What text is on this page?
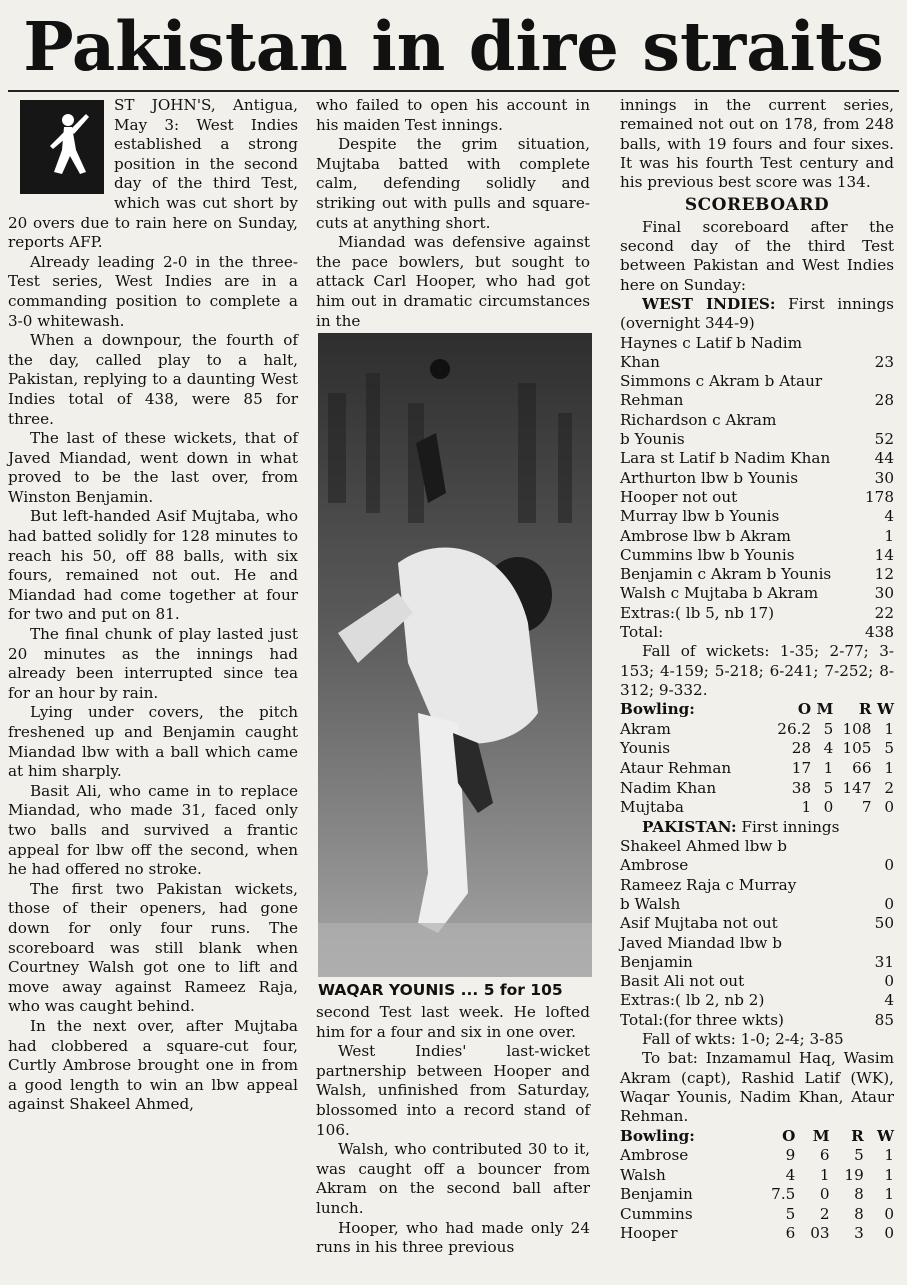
Pakistan in dire straits

ST JOHN'S, Antigua, May 3: West Indies established a strong position in the second day of the third Test, which was cut short by 20 overs due to rain here on Sunday, reports AFP.

Already leading 2-0 in the three-Test series, West Indies are in a commanding position to complete a 3-0 whitewash.

When a downpour, the fourth of the day, called play to a halt, Pakistan, replying to a daunting West Indies total of 438, were 85 for three.

The last of these wickets, that of Javed Miandad, went down in what proved to be the last over, from Winston Benjamin.

But left-handed Asif Mujtaba, who had batted solidly for 128 minutes to reach his 50, off 88 balls, with six fours, remained not out. He and Miandad had come together at four for two and put on 81.

The final chunk of play lasted just 20 minutes as the innings had already been interrupted since tea for an hour by rain.

Lying under covers, the pitch freshened up and Benjamin caught Miandad lbw with a ball which came at him sharply.

Basit Ali, who came in to replace Miandad, who made 31, faced only two balls and survived a frantic appeal for lbw off the second, when he had offered no stroke.

The first two Pakistan wickets, those of their openers, had gone down for only four runs. The scoreboard was still blank when Courtney Walsh got one to lift and move away against Rameez Raja, who was caught behind.

In the next over, after Mujtaba had clobbered a square-cut four, Curtly Ambrose brought one in from a good length to win an lbw appeal against Shakeel Ahmed,

who failed to open his account in his maiden Test innings.

Despite the grim situation, Mujtaba batted with complete calm, defending solidly and striking out with pulls and square-cuts at anything short.

Miandad was defensive against the pace bowlers, but sought to attack Carl Hooper, who had got him out in dramatic circumstances in the

WAQAR YOUNIS ... 5 for 105

second Test last week. He lofted him for a four and six in one over.

West Indies' last-wicket partnership between Hooper and Walsh, unfinished from Saturday, blossomed into a record stand of 106.

Walsh, who contributed 30 to it, was caught off a bouncer from Akram on the second ball after lunch.

Hooper, who had made only 24 runs in his three previous

innings in the current series, remained not out on 178, from 248 balls, with 19 fours and four sixes. It was his fourth Test century and his previous best score was 134.

SCOREBOARD

Final scoreboard after the second day of the third Test between Pakistan and West Indies here on Sunday:

WEST INDIES: First innings (overnight 344-9)

Haynes c Latif b Nadim
Khan	23
Simmons c Akram b Ataur
Rehman	28
Richardson c Akram
b Younis	52
Lara st Latif b Nadim Khan	44
Arthurton lbw b Younis	30
Hooper not out	178
Murray lbw b Younis	4
Ambrose lbw b Akram	1
Cummins lbw b Younis	14
Benjamin c Akram b Younis	12
Walsh c Mujtaba b Akram	30
Extras:( lb 5, nb 17)	22
Total:	438

Fall of wickets: 1-35; 2-77; 3-153; 4-159; 5-218; 6-241; 7-252; 8-312; 9-332.

Bowling:	O	M	R	W
Akram	26.2	5	108	1
Younis	28	4	105	5
Ataur Rehman	17	1	66	1
Nadim Khan	38	5	147	2
Mujtaba	1	0	7	0

PAKISTAN: First innings

Shakeel Ahmed lbw b
Ambrose	0
Rameez Raja c Murray
b Walsh	0
Asif Mujtaba not out	50
Javed Miandad lbw b
Benjamin	31
Basit Ali not out	0
Extras:( lb 2, nb 2)	4
Total:(for three wkts)	85

Fall of wkts: 1-0; 2-4; 3-85

To bat: Inzamamul Haq, Wasim Akram (capt), Rashid Latif (WK), Waqar Younis, Nadim Khan, Ataur Rehman.

Bowling:	O	M	R	W
Ambrose	9	6	5	1
Walsh	4	1	19	1
Benjamin	7.5	0	8	1
Cummins	5	2	8	0
Hooper	6	03	3	0
